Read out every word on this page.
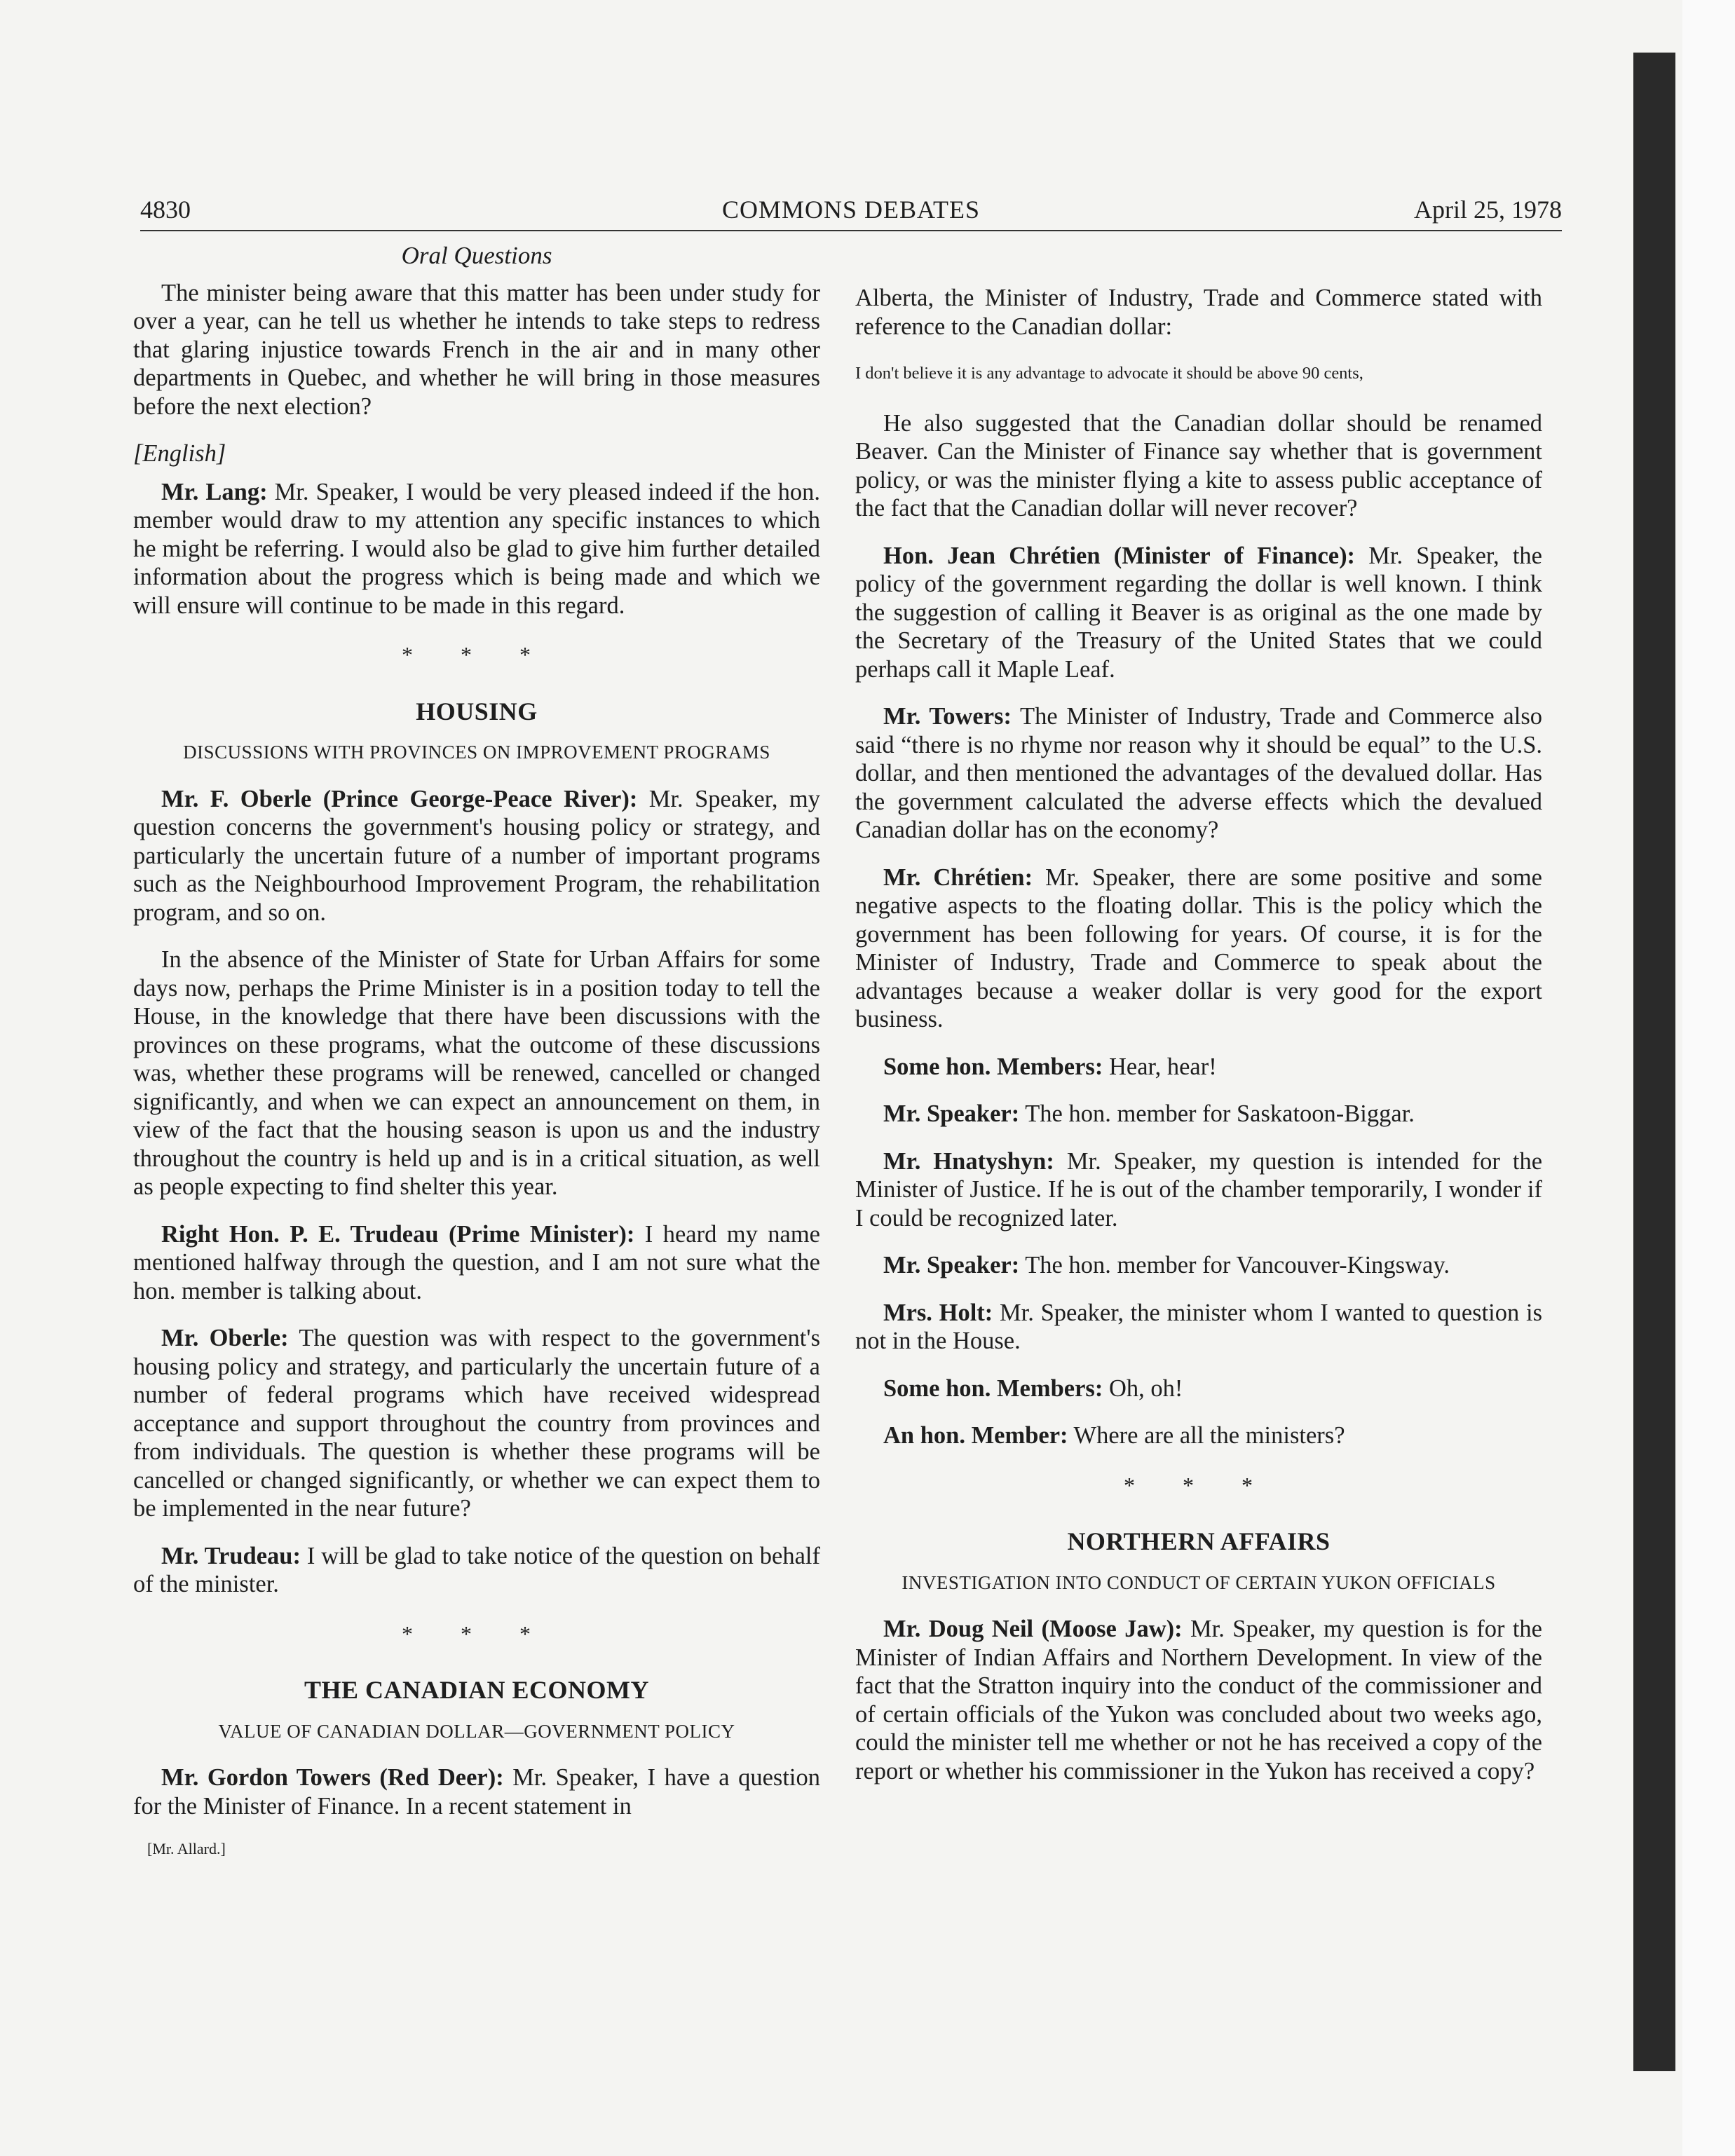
4830	COMMONS DEBATES	April 25, 1978
Oral Questions

The minister being aware that this matter has been under study for over a year, can he tell us whether he intends to take steps to redress that glaring injustice towards French in the air and in many other departments in Quebec, and whether he will bring in those measures before the next election?

[English]

Mr. Lang: Mr. Speaker, I would be very pleased indeed if the hon. member would draw to my attention any specific instances to which he might be referring. I would also be glad to give him further detailed information about the progress which is being made and which we will ensure will continue to be made in this regard.

* * *
HOUSING
DISCUSSIONS WITH PROVINCES ON IMPROVEMENT PROGRAMS

Mr. F. Oberle (Prince George-Peace River): Mr. Speaker, my question concerns the government's housing policy or strategy, and particularly the uncertain future of a number of important programs such as the Neighbourhood Improvement Program, the rehabilitation program, and so on.

In the absence of the Minister of State for Urban Affairs for some days now, perhaps the Prime Minister is in a position today to tell the House, in the knowledge that there have been discussions with the provinces on these programs, what the outcome of these discussions was, whether these programs will be renewed, cancelled or changed significantly, and when we can expect an announcement on them, in view of the fact that the housing season is upon us and the industry throughout the country is held up and is in a critical situation, as well as people expecting to find shelter this year.

Right Hon. P. E. Trudeau (Prime Minister): I heard my name mentioned halfway through the question, and I am not sure what the hon. member is talking about.

Mr. Oberle: The question was with respect to the government's housing policy and strategy, and particularly the uncertain future of a number of federal programs which have received widespread acceptance and support throughout the country from provinces and from individuals. The question is whether these programs will be cancelled or changed significantly, or whether we can expect them to be implemented in the near future?

Mr. Trudeau: I will be glad to take notice of the question on behalf of the minister.

* * *
THE CANADIAN ECONOMY
VALUE OF CANADIAN DOLLAR—GOVERNMENT POLICY

Mr. Gordon Towers (Red Deer): Mr. Speaker, I have a question for the Minister of Finance. In a recent statement in

[Mr. Allard.]

Alberta, the Minister of Industry, Trade and Commerce stated with reference to the Canadian dollar:

I don't believe it is any advantage to advocate it should be above 90 cents,

He also suggested that the Canadian dollar should be renamed Beaver. Can the Minister of Finance say whether that is government policy, or was the minister flying a kite to assess public acceptance of the fact that the Canadian dollar will never recover?

Hon. Jean Chrétien (Minister of Finance): Mr. Speaker, the policy of the government regarding the dollar is well known. I think the suggestion of calling it Beaver is as original as the one made by the Secretary of the Treasury of the United States that we could perhaps call it Maple Leaf.

Mr. Towers: The Minister of Industry, Trade and Commerce also said “there is no rhyme nor reason why it should be equal” to the U.S. dollar, and then mentioned the advantages of the devalued dollar. Has the government calculated the adverse effects which the devalued Canadian dollar has on the economy?

Mr. Chrétien: Mr. Speaker, there are some positive and some negative aspects to the floating dollar. This is the policy which the government has been following for years. Of course, it is for the Minister of Industry, Trade and Commerce to speak about the advantages because a weaker dollar is very good for the export business.

Some hon. Members: Hear, hear!

Mr. Speaker: The hon. member for Saskatoon-Biggar.

Mr. Hnatyshyn: Mr. Speaker, my question is intended for the Minister of Justice. If he is out of the chamber temporarily, I wonder if I could be recognized later.

Mr. Speaker: The hon. member for Vancouver-Kingsway.

Mrs. Holt: Mr. Speaker, the minister whom I wanted to question is not in the House.

Some hon. Members: Oh, oh!

An hon. Member: Where are all the ministers?

* * *
NORTHERN AFFAIRS
INVESTIGATION INTO CONDUCT OF CERTAIN YUKON OFFICIALS

Mr. Doug Neil (Moose Jaw): Mr. Speaker, my question is for the Minister of Indian Affairs and Northern Development. In view of the fact that the Stratton inquiry into the conduct of the commissioner and of certain officials of the Yukon was concluded about two weeks ago, could the minister tell me whether or not he has received a copy of the report or whether his commissioner in the Yukon has received a copy?
